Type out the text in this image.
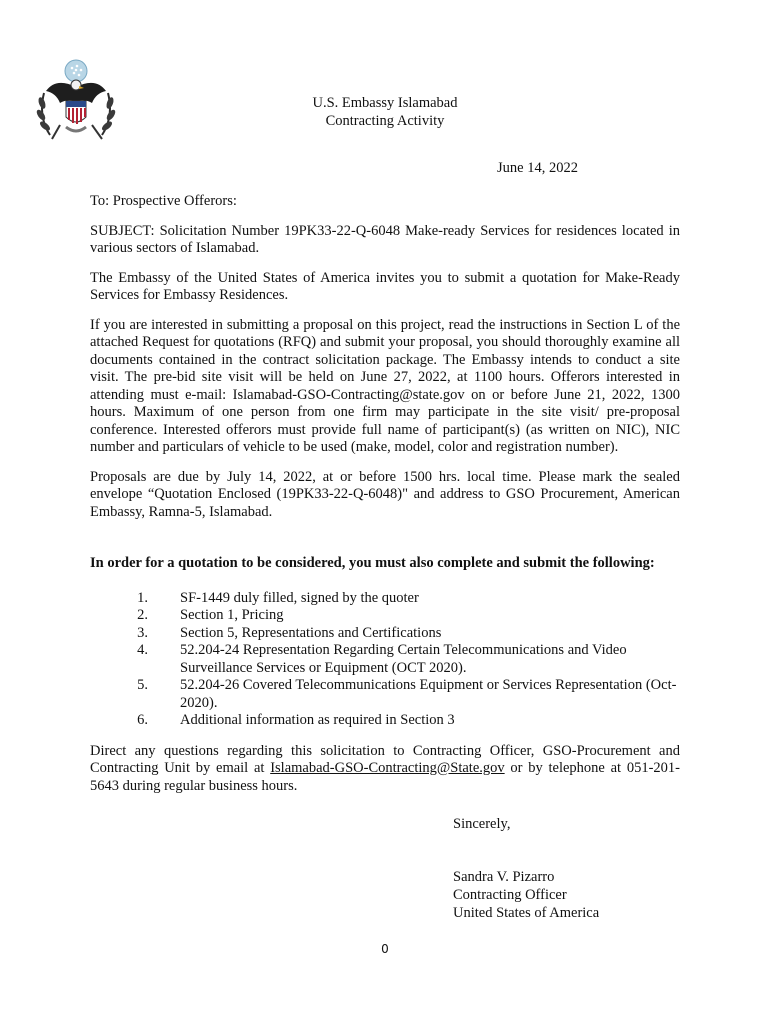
U.S. Embassy Islamabad
Contracting Activity
June 14, 2022

To: Prospective Offerors:

SUBJECT: Solicitation Number 19PK33-22-Q-6048 Make-ready Services for residences located in various sectors of Islamabad.

The Embassy of the United States of America invites you to submit a quotation for Make-Ready Services for Embassy Residences.

If you are interested in submitting a proposal on this project, read the instructions in Section L of the attached Request for quotations (RFQ) and submit your proposal, you should thoroughly examine all documents contained in the contract solicitation package. The Embassy intends to conduct a site visit. The pre-bid site visit will be held on June 27, 2022, at 1100 hours. Offerors interested in attending must e-mail: Islamabad-GSO-Contracting@state.gov on or before June 21, 2022, 1300 hours. Maximum of one person from one firm may participate in the site visit/ pre-proposal conference. Interested offerors must provide full name of participant(s) (as written on NIC), NIC number and particulars of vehicle to be used (make, model, color and registration number).

Proposals are due by July 14, 2022, at or before 1500 hrs. local time. Please mark the sealed envelope “Quotation Enclosed (19PK33-22-Q-6048)" and address to GSO Procurement, American Embassy, Ramna-5, Islamabad.

In order for a quotation to be considered, you must also complete and submit the following:

1. SF-1449 duly filled, signed by the quoter
2. Section 1, Pricing
3. Section 5, Representations and Certifications
4. 52.204-24 Representation Regarding Certain Telecommunications and Video Surveillance Services or Equipment (OCT 2020).
5. 52.204-26 Covered Telecommunications Equipment or Services Representation (Oct-2020).
6. Additional information as required in Section 3

Direct any questions regarding this solicitation to Contracting Officer, GSO-Procurement and Contracting Unit by email at Islamabad-GSO-Contracting@State.gov or by telephone at 051-201-5643 during regular business hours.

Sincerely,
Sandra V. Pizarro
Contracting Officer
United States of America
0
